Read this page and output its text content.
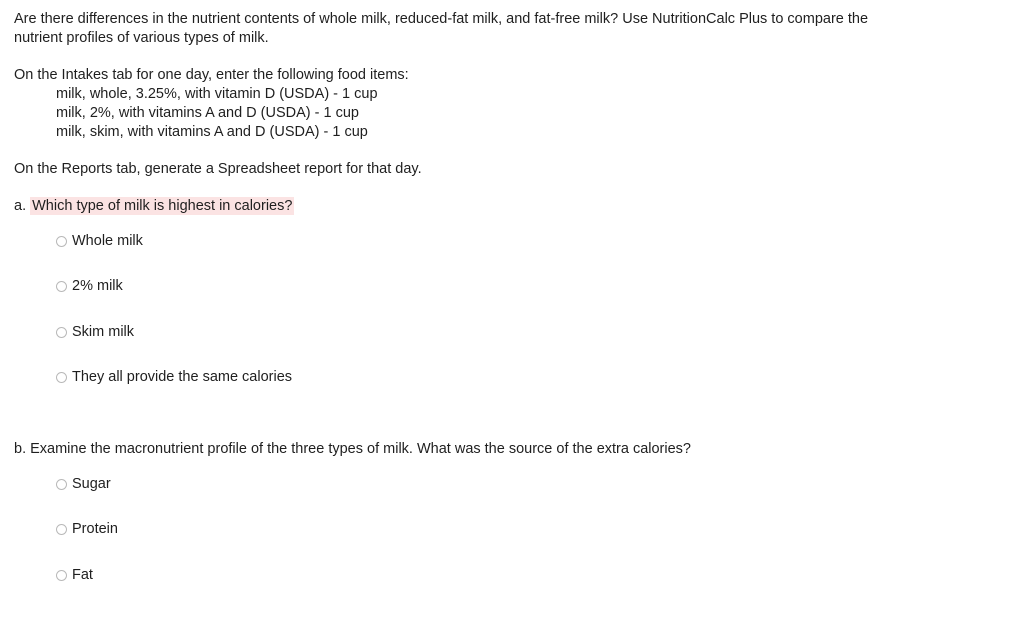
Are there differences in the nutrient contents of whole milk, reduced-fat milk, and fat-free milk? Use NutritionCalc Plus to compare the
nutrient profiles of various types of milk.
On the Intakes tab for one day, enter the following food items:
milk, whole, 3.25%, with vitamin D (USDA) - 1 cup
milk, 2%, with vitamins A and D (USDA) - 1 cup
milk, skim, with vitamins A and D (USDA) - 1 cup
On the Reports tab, generate a Spreadsheet report for that day.
a. Which type of milk is highest in calories?
Whole milk
2% milk
Skim milk
They all provide the same calories
b. Examine the macronutrient profile of the three types of milk. What was the source of the extra calories?
Sugar
Protein
Fat
